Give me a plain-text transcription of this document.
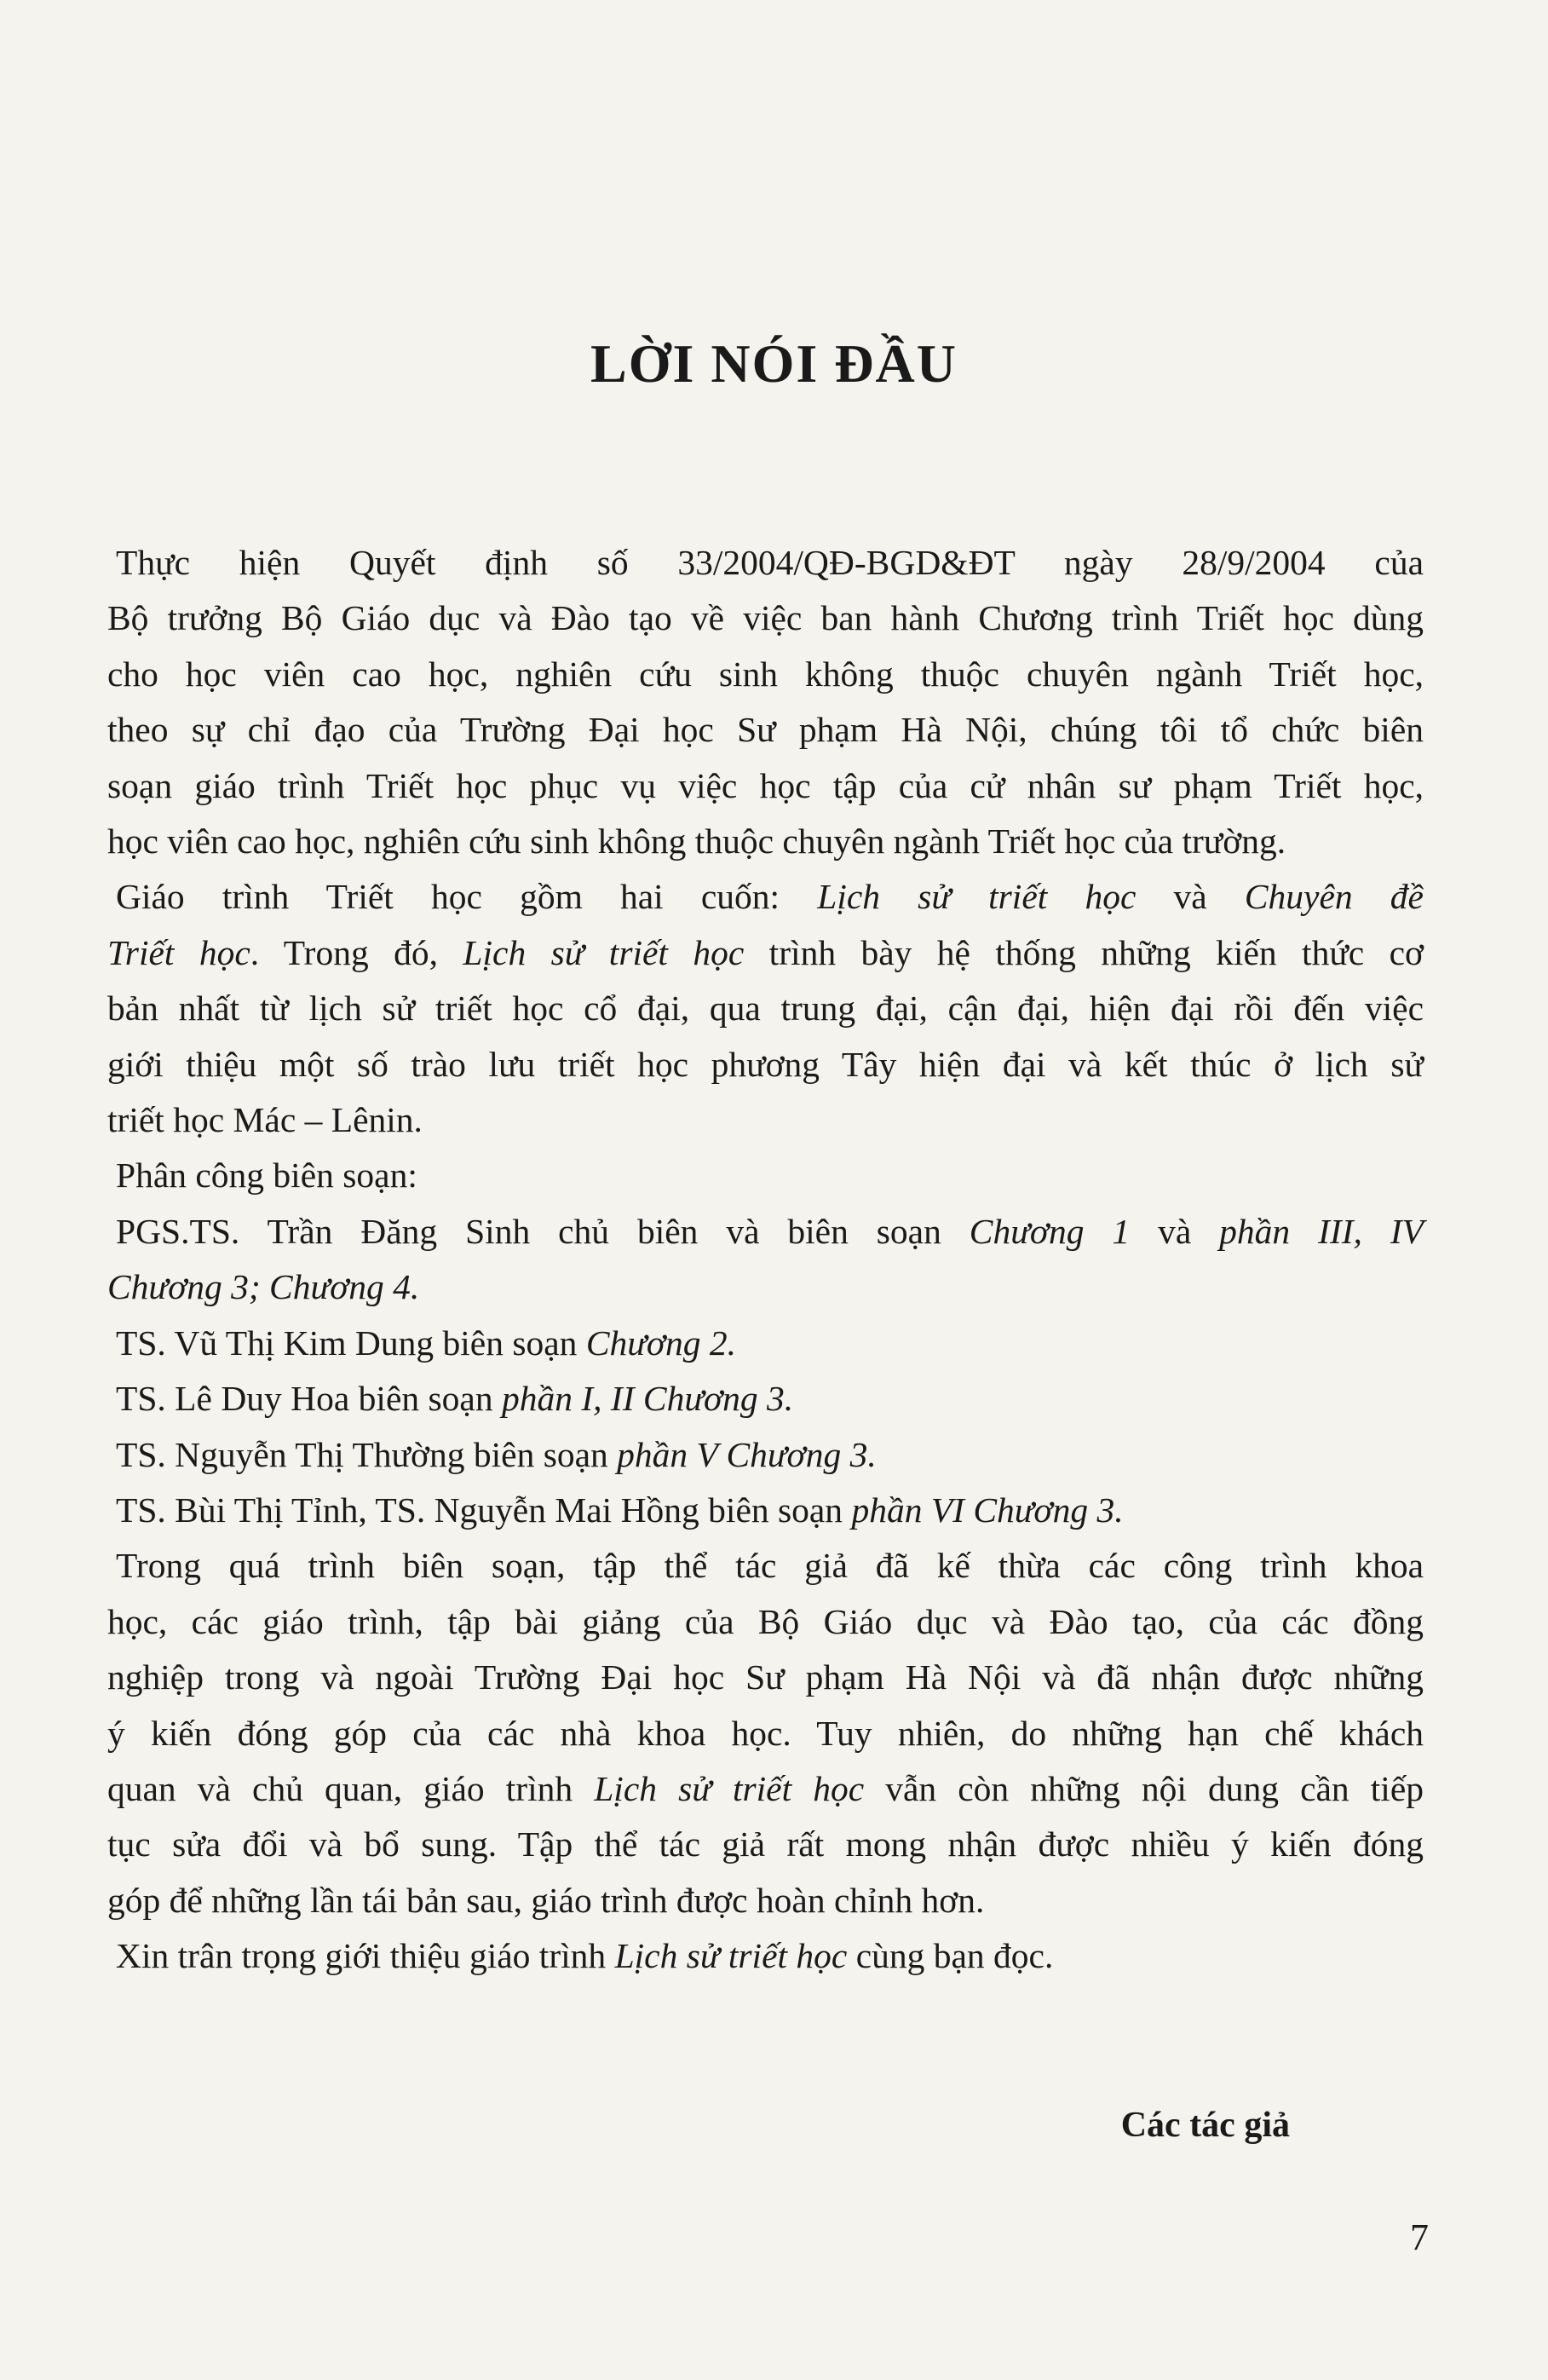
LỜI NÓI ĐẦU

Thực hiện Quyết định số 33/2004/QĐ-BGD&ĐT ngày 28/9/2004 của
Bộ trưởng Bộ Giáo dục và Đào tạo về việc ban hành Chương trình Triết học dùng
cho học viên cao học, nghiên cứu sinh không thuộc chuyên ngành Triết học,
theo sự chỉ đạo của Trường Đại học Sư phạm Hà Nội, chúng tôi tổ chức biên
soạn giáo trình Triết học phục vụ việc học tập của cử nhân sư phạm Triết học,
học viên cao học, nghiên cứu sinh không thuộc chuyên ngành Triết học của trường.

Giáo trình Triết học gồm hai cuốn: Lịch sử triết học và Chuyên đề
Triết học. Trong đó, Lịch sử triết học trình bày hệ thống những kiến thức cơ
bản nhất từ lịch sử triết học cổ đại, qua trung đại, cận đại, hiện đại rồi đến việc
giới thiệu một số trào lưu triết học phương Tây hiện đại và kết thúc ở lịch sử
triết học Mác – Lênin.

Phân công biên soạn:

PGS.TS. Trần Đăng Sinh chủ biên và biên soạn Chương 1 và phần III, IV
Chương 3; Chương 4.

TS. Vũ Thị Kim Dung biên soạn Chương 2.

TS. Lê Duy Hoa biên soạn phần I, II Chương 3.

TS. Nguyễn Thị Thường biên soạn phần V Chương 3.

TS. Bùi Thị Tỉnh, TS. Nguyễn Mai Hồng biên soạn phần VI Chương 3.

Trong quá trình biên soạn, tập thể tác giả đã kế thừa các công trình khoa
học, các giáo trình, tập bài giảng của Bộ Giáo dục và Đào tạo, của các đồng
nghiệp trong và ngoài Trường Đại học Sư phạm Hà Nội và đã nhận được những
ý kiến đóng góp của các nhà khoa học. Tuy nhiên, do những hạn chế khách
quan và chủ quan, giáo trình Lịch sử triết học vẫn còn những nội dung cần tiếp
tục sửa đổi và bổ sung. Tập thể tác giả rất mong nhận được nhiều ý kiến đóng
góp để những lần tái bản sau, giáo trình được hoàn chỉnh hơn.

Xin trân trọng giới thiệu giáo trình Lịch sử triết học cùng bạn đọc.

Các tác giả
7
